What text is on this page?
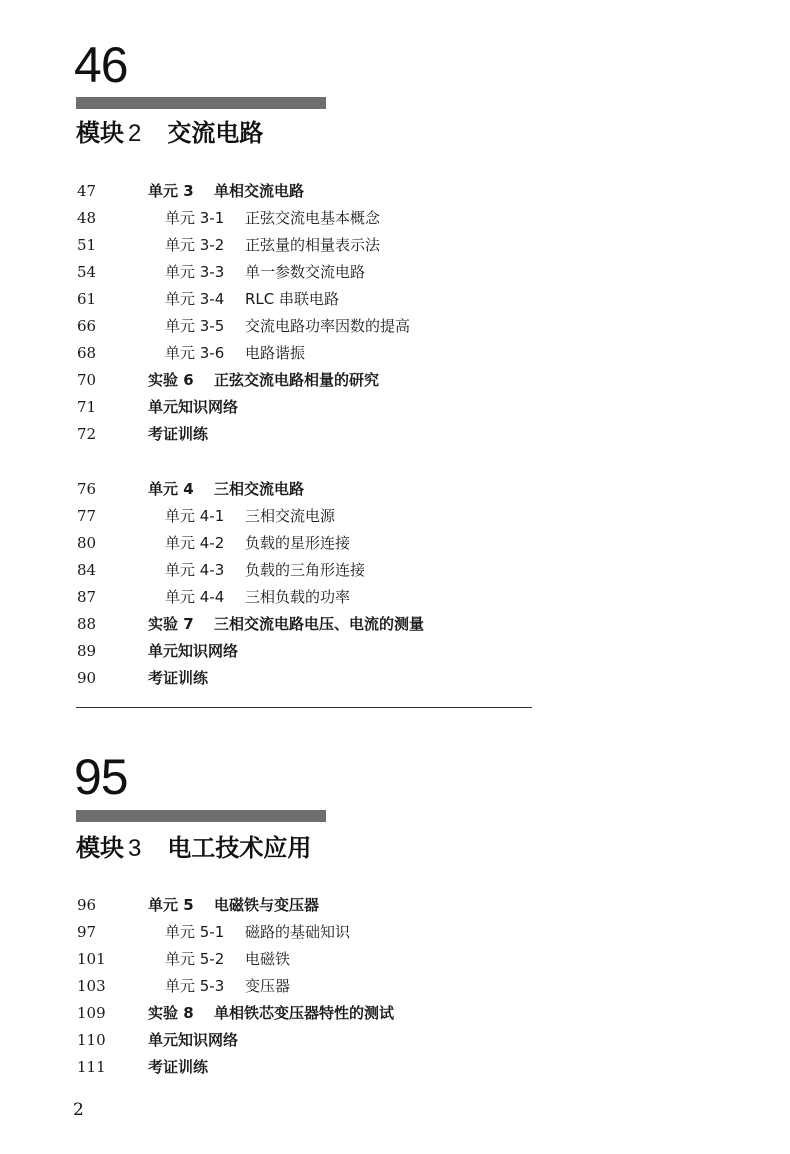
46
模块 2 交流电路
47	单元 3 单相交流电路
48	单元 3-1 正弦交流电基本概念
51	单元 3-2 正弦量的相量表示法
54	单元 3-3 单一参数交流电路
61	单元 3-4 RLC 串联电路
66	单元 3-5 交流电路功率因数的提高
68	单元 3-6 电路谐振
70	实验 6 正弦交流电路相量的研究
71	单元知识网络
72	考证训练
76	单元 4 三相交流电路
77	单元 4-1 三相交流电源
80	单元 4-2 负载的星形连接
84	单元 4-3 负载的三角形连接
87	单元 4-4 三相负载的功率
88	实验 7 三相交流电路电压、电流的测量
89	单元知识网络
90	考证训练
95
模块 3 电工技术应用
96	单元 5 电磁铁与变压器
97	单元 5-1 磁路的基础知识
101	单元 5-2 电磁铁
103	单元 5-3 变压器
109	实验 8 单相铁芯变压器特性的测试
110	单元知识网络
111	考证训练
2
